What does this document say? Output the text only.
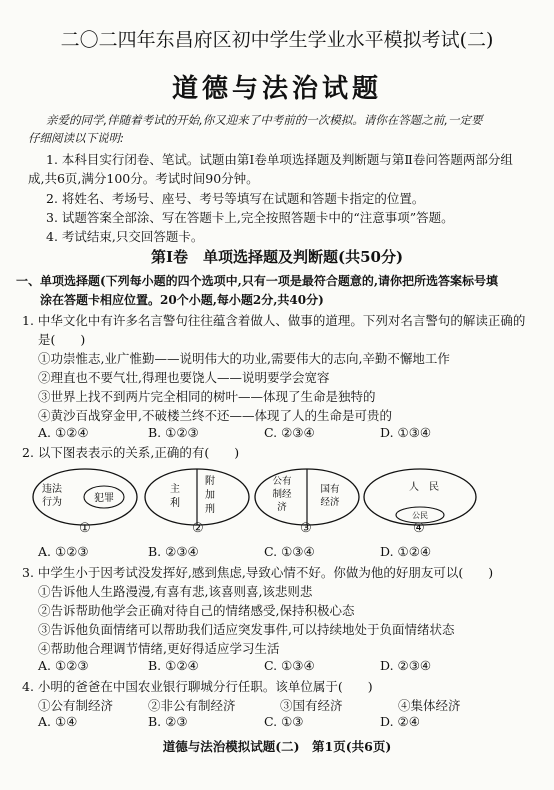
二〇二四年东昌府区初中学生学业水平模拟考试(二)
道德与法治试题
亲爱的同学,伴随着考试的开始,你又迎来了中考前的一次模拟。请你在答题之前,一定要
仔细阅读以下说明:
1. 本科目实行闭卷、笔试。试题由第Ⅰ卷单项选择题及判断题与第Ⅱ卷问答题两部分组
成,共6页,满分100分。考试时间90分钟。
2. 将姓名、考场号、座号、考号等填写在试题和答题卡指定的位置。
3. 试题答案全部涂、写在答题卡上,完全按照答题卡中的“注意事项”答题。
4. 考试结束,只交回答题卡。
第Ⅰ卷　单项选择题及判断题(共50分)
一、单项选择题(下列每小题的四个选项中,只有一项是最符合题意的,请你把所选答案标号填
涂在答题卡相应位置。20个小题,每小题2分,共40分)
1. 中华文化中有许多名言警句往往蕴含着做人、做事的道理。下列对名言警句的解读正确的
是(　　)
①功崇惟志,业广惟勤——说明伟大的功业,需要伟大的志向,辛勤不懈地工作
②理直也不要气壮,得理也要饶人——说明要学会宽容
③世界上找不到两片完全相同的树叶——体现了生命是独特的
④黄沙百战穿金甲,不破楼兰终不还——体现了人的生命是可贵的
A. ①②④	B. ①②③	C. ②③④	D. ①③④
2. 以下图表表示的关系,正确的有(　　)
违法行为	犯罪
①
主
利
附
加
刑
②
公有
制经
济
国有
经济
③
人　民
公民
④
A. ①②③	B. ②③④	C. ①③④	D. ①②④
3. 中学生小于因考试没发挥好,感到焦虑,导致心情不好。你做为他的好朋友可以(　　)
①告诉他人生路漫漫,有喜有悲,该喜则喜,该悲则悲
②告诉帮助他学会正确对待自己的情绪感受,保持积极心态
③告诉他负面情绪可以帮助我们适应突发事件,可以持续地处于负面情绪状态
④帮助他合理调节情绪,更好得适应学习生活
A. ①②③	B. ①②④	C. ①③④	D. ②③④
4. 小明的爸爸在中国农业银行聊城分行任职。该单位属于(　　)
①公有制经济	②非公有制经济	③国有经济	④集体经济
A. ①④	B. ②③	C. ①③	D. ②④
道德与法治模拟试题(二)　第1页(共6页)
